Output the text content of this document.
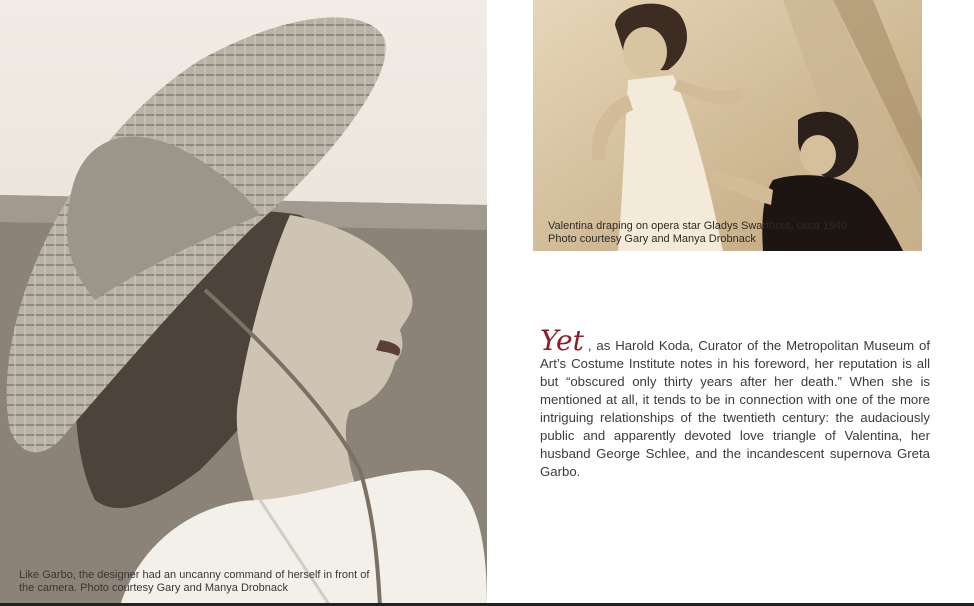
Like Garbo, the designer had an uncanny command of herself in front of the camera. Photo courtesy Gary and Manya Drobnack
Valentina draping on opera star Gladys Swarthout, circa 1940
Photo courtesy Gary and Manya Drobnack
Yet , as Harold Koda, Curator of the Metropolitan Museum of Art’s Costume Institute notes in his foreword, her reputation is all but “obscured only thirty years after her death.” When she is mentioned at all, it tends to be in connection with one of the more intriguing relationships of the twentieth century: the audaciously public and apparently devoted love triangle of Valentina, her husband George Schlee, and the incandescent supernova Greta Garbo.
